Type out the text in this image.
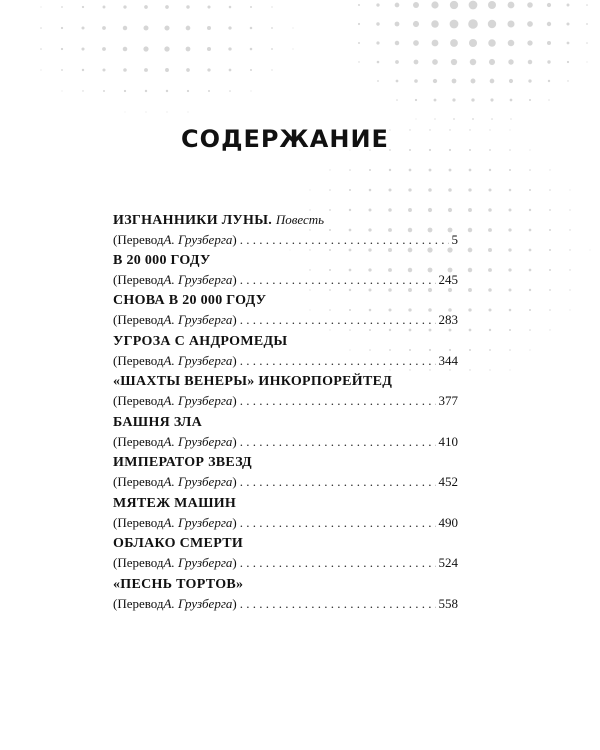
СОДЕРЖАНИЕ
ИЗГНАННИКИ ЛУНЫ. Повесть
(Перевод А. Грузберга ) . . .	5
В 20 000 ГОДУ
(Перевод А. Грузберга ) . . .	245
СНОВА В 20 000 ГОДУ
(Перевод А. Грузберга ) . . .	283
УГРОЗА С АНДРОМЕДЫ
(Перевод А. Грузберга ) . . .	344
«ШАХТЫ ВЕНЕРЫ» ИНКОРПОРЕЙТЕД
(Перевод А. Грузберга ) . . .	377
БАШНЯ ЗЛА
(Перевод А. Грузберга ) . . .	410
ИМПЕРАТОР ЗВЕЗД
(Перевод А. Грузберга ) . . .	452
МЯТЕЖ МАШИН
(Перевод А. Грузберга ) . . .	490
ОБЛАКО СМЕРТИ
(Перевод А. Грузберга ) . . .	524
«ПЕСНЬ ТОРТОВ»
(Перевод А. Грузберга ) . . .	558
